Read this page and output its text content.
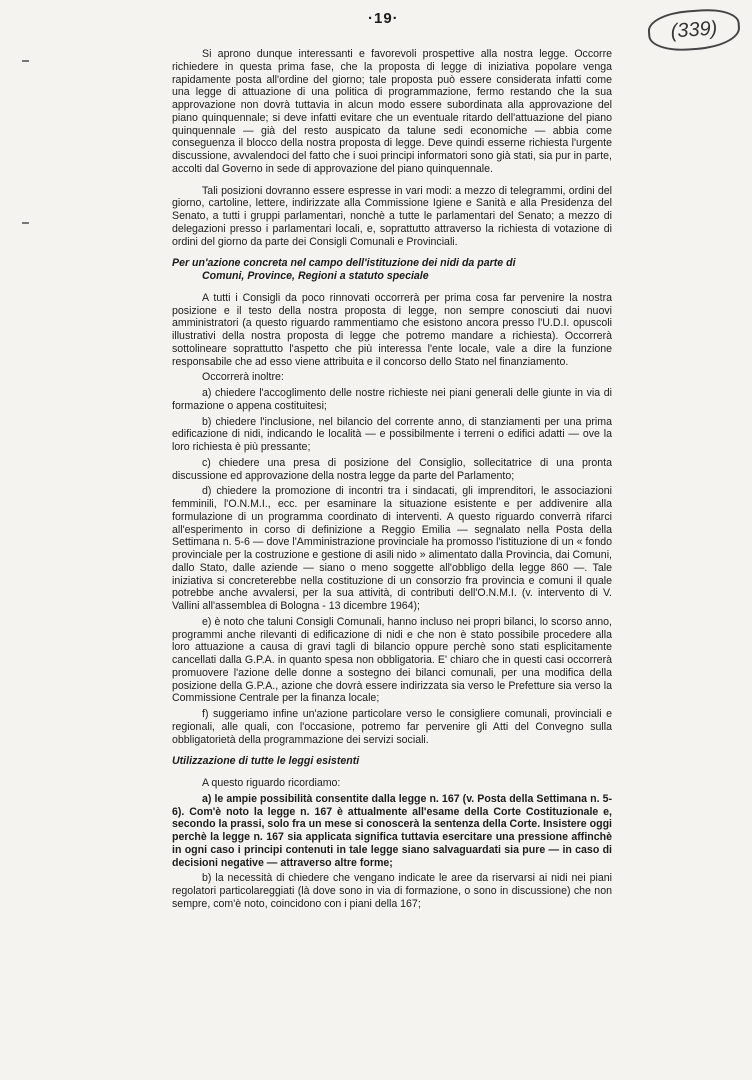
·19·	(339)

Si aprono dunque interessanti e favorevoli prospettive alla nostra legge. Occorre richiedere in questa prima fase, che la proposta di legge di iniziativa popolare venga rapidamente posta all'ordine del giorno; tale proposta può essere considerata infatti come una legge di attuazione di una politica di programmazione, fermo restando che la sua approvazione non dovrà tuttavia in alcun modo essere subordinata alla approvazione del piano quinquennale; si deve infatti evitare che un eventuale ritardo dell'attuazione del piano quinquennale — già del resto auspicato da talune sedi economiche — abbia come conseguenza il blocco della nostra proposta di legge. Deve quindi esserne richiesta l'urgente discussione, avvalendoci del fatto che i suoi principi informatori sono già stati, sia pur in parte, accolti dal Governo in sede di approvazione del piano quinquennale.

Tali posizioni dovranno essere espresse in vari modi: a mezzo di telegrammi, ordini del giorno, cartoline, lettere, indirizzate alla Commissione Igiene e Sanità e alla Presidenza del Senato, a tutti i gruppi parlamentari, nonchè a tutte le parlamentari del Senato; a mezzo di delegazioni presso i parlamentari locali, e, soprattutto attraverso la richiesta di votazione di ordini del giorno da parte dei Consigli Comunali e Provinciali.

Per un'azione concreta nel campo dell'istituzione dei nidi da parte di
Comuni, Province, Regioni a statuto speciale

A tutti i Consigli da poco rinnovati occorrerà per prima cosa far pervenire la nostra posizione e il testo della nostra proposta di legge, non sempre conosciuti dai nuovi amministratori (a questo riguardo rammentiamo che esistono ancora presso l'U.D.I. opuscoli illustrativi della nostra proposta di legge che potremo mandare a richiesta). Occorrerà sottolineare soprattutto l'aspetto che più interessa l'ente locale, vale a dire la funzione responsabile che ad esso viene attribuita e il concorso dello Stato nel finanziamento.

Occorrerà inoltre:

a) chiedere l'accoglimento delle nostre richieste nei piani generali delle giunte in via di formazione o appena costituitesi;

b) chiedere l'inclusione, nel bilancio del corrente anno, di stanziamenti per una prima edificazione di nidi, indicando le località — e possibilmente i terreni o edifici adatti — ove la loro richiesta è più pressante;

c) chiedere una presa di posizione del Consiglio, sollecitatrice di una pronta discussione ed approvazione della nostra legge da parte del Parlamento;

d) chiedere la promozione di incontri tra i sindacati, gli imprenditori, le associazioni femminili, l'O.N.M.I., ecc. per esaminare la situazione esistente e per addivenire alla formulazione di un programma coordinato di interventi. A questo riguardo converrà rifarci all'esperimento in corso di definizione a Reggio Emilia — segnalato nella Posta della Settimana n. 5-6 — dove l'Amministrazione provinciale ha promosso l'istituzione di un « fondo provinciale per la costruzione e gestione di asili nido » alimentato dalla Provincia, dai Comuni, dallo Stato, dalle aziende — siano o meno soggette all'obbligo della legge 860 —. Tale iniziativa si concreterebbe nella costituzione di un consorzio fra provincia e comuni il quale potrebbe anche avvalersi, per la sua attività, di contributi dell'O.N.M.I. (v. intervento di V. Vallini all'assemblea di Bologna - 13 dicembre 1964);

e) è noto che taluni Consigli Comunali, hanno incluso nei propri bilanci, lo scorso anno, programmi anche rilevanti di edificazione di nidi e che non è stato possibile procedere alla loro attuazione a causa di gravi tagli di bilancio oppure perchè sono stati esplicitamente cancellati dalla G.P.A. in quanto spesa non obbligatoria. E' chiaro che in questi casi occorrerà promuovere l'azione delle donne a sostegno dei bilanci comunali, per una modifica della posizione della G.P.A., azione che dovrà essere indirizzata sia verso le Prefetture sia verso la Commissione Centrale per la finanza locale;

f) suggeriamo infine un'azione particolare verso le consigliere comunali, provinciali e regionali, alle quali, con l'occasione, potremo far pervenire gli Atti del Convegno sulla obbligatorietà della programmazione dei servizi sociali.

Utilizzazione di tutte le leggi esistenti

A questo riguardo ricordiamo:

a) le ampie possibilità consentite dalla legge n. 167 (v. Posta della Settimana n. 5-6). Com'è noto la legge n. 167 è attualmente all'esame della Corte Costituzionale e, secondo la prassi, solo fra un mese si conoscerà la sentenza della Corte. Insistere oggi perchè la legge n. 167 sia applicata significa tuttavia esercitare una pressione affinchè in ogni caso i principi contenuti in tale legge siano salvaguardati sia pure — in caso di decisioni negative — attraverso altre forme;

b) la necessità di chiedere che vengano indicate le aree da riservarsi ai nidi nei piani regolatori particolareggiati (là dove sono in via di formazione, o sono in discussione) che non sempre, com'è noto, coincidono con i piani della 167;
